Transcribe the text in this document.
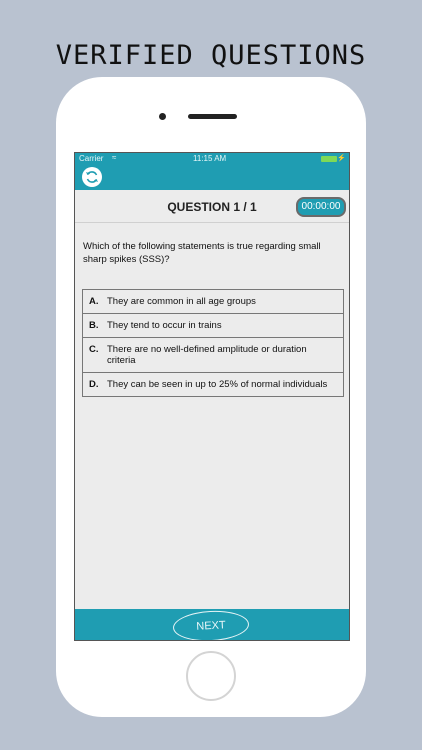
VERIFIED QUESTIONS
Carrier ≈	11:15 AM	⚡
QUESTION 1 / 1	00:00:00
Which of the following statements is true regarding small sharp spikes (SSS)?
A. They are common in all age groups
B. They tend to occur in trains
C. There are no well-defined amplitude or duration criteria
D. They can be seen in up to 25% of normal individuals
NEXT
